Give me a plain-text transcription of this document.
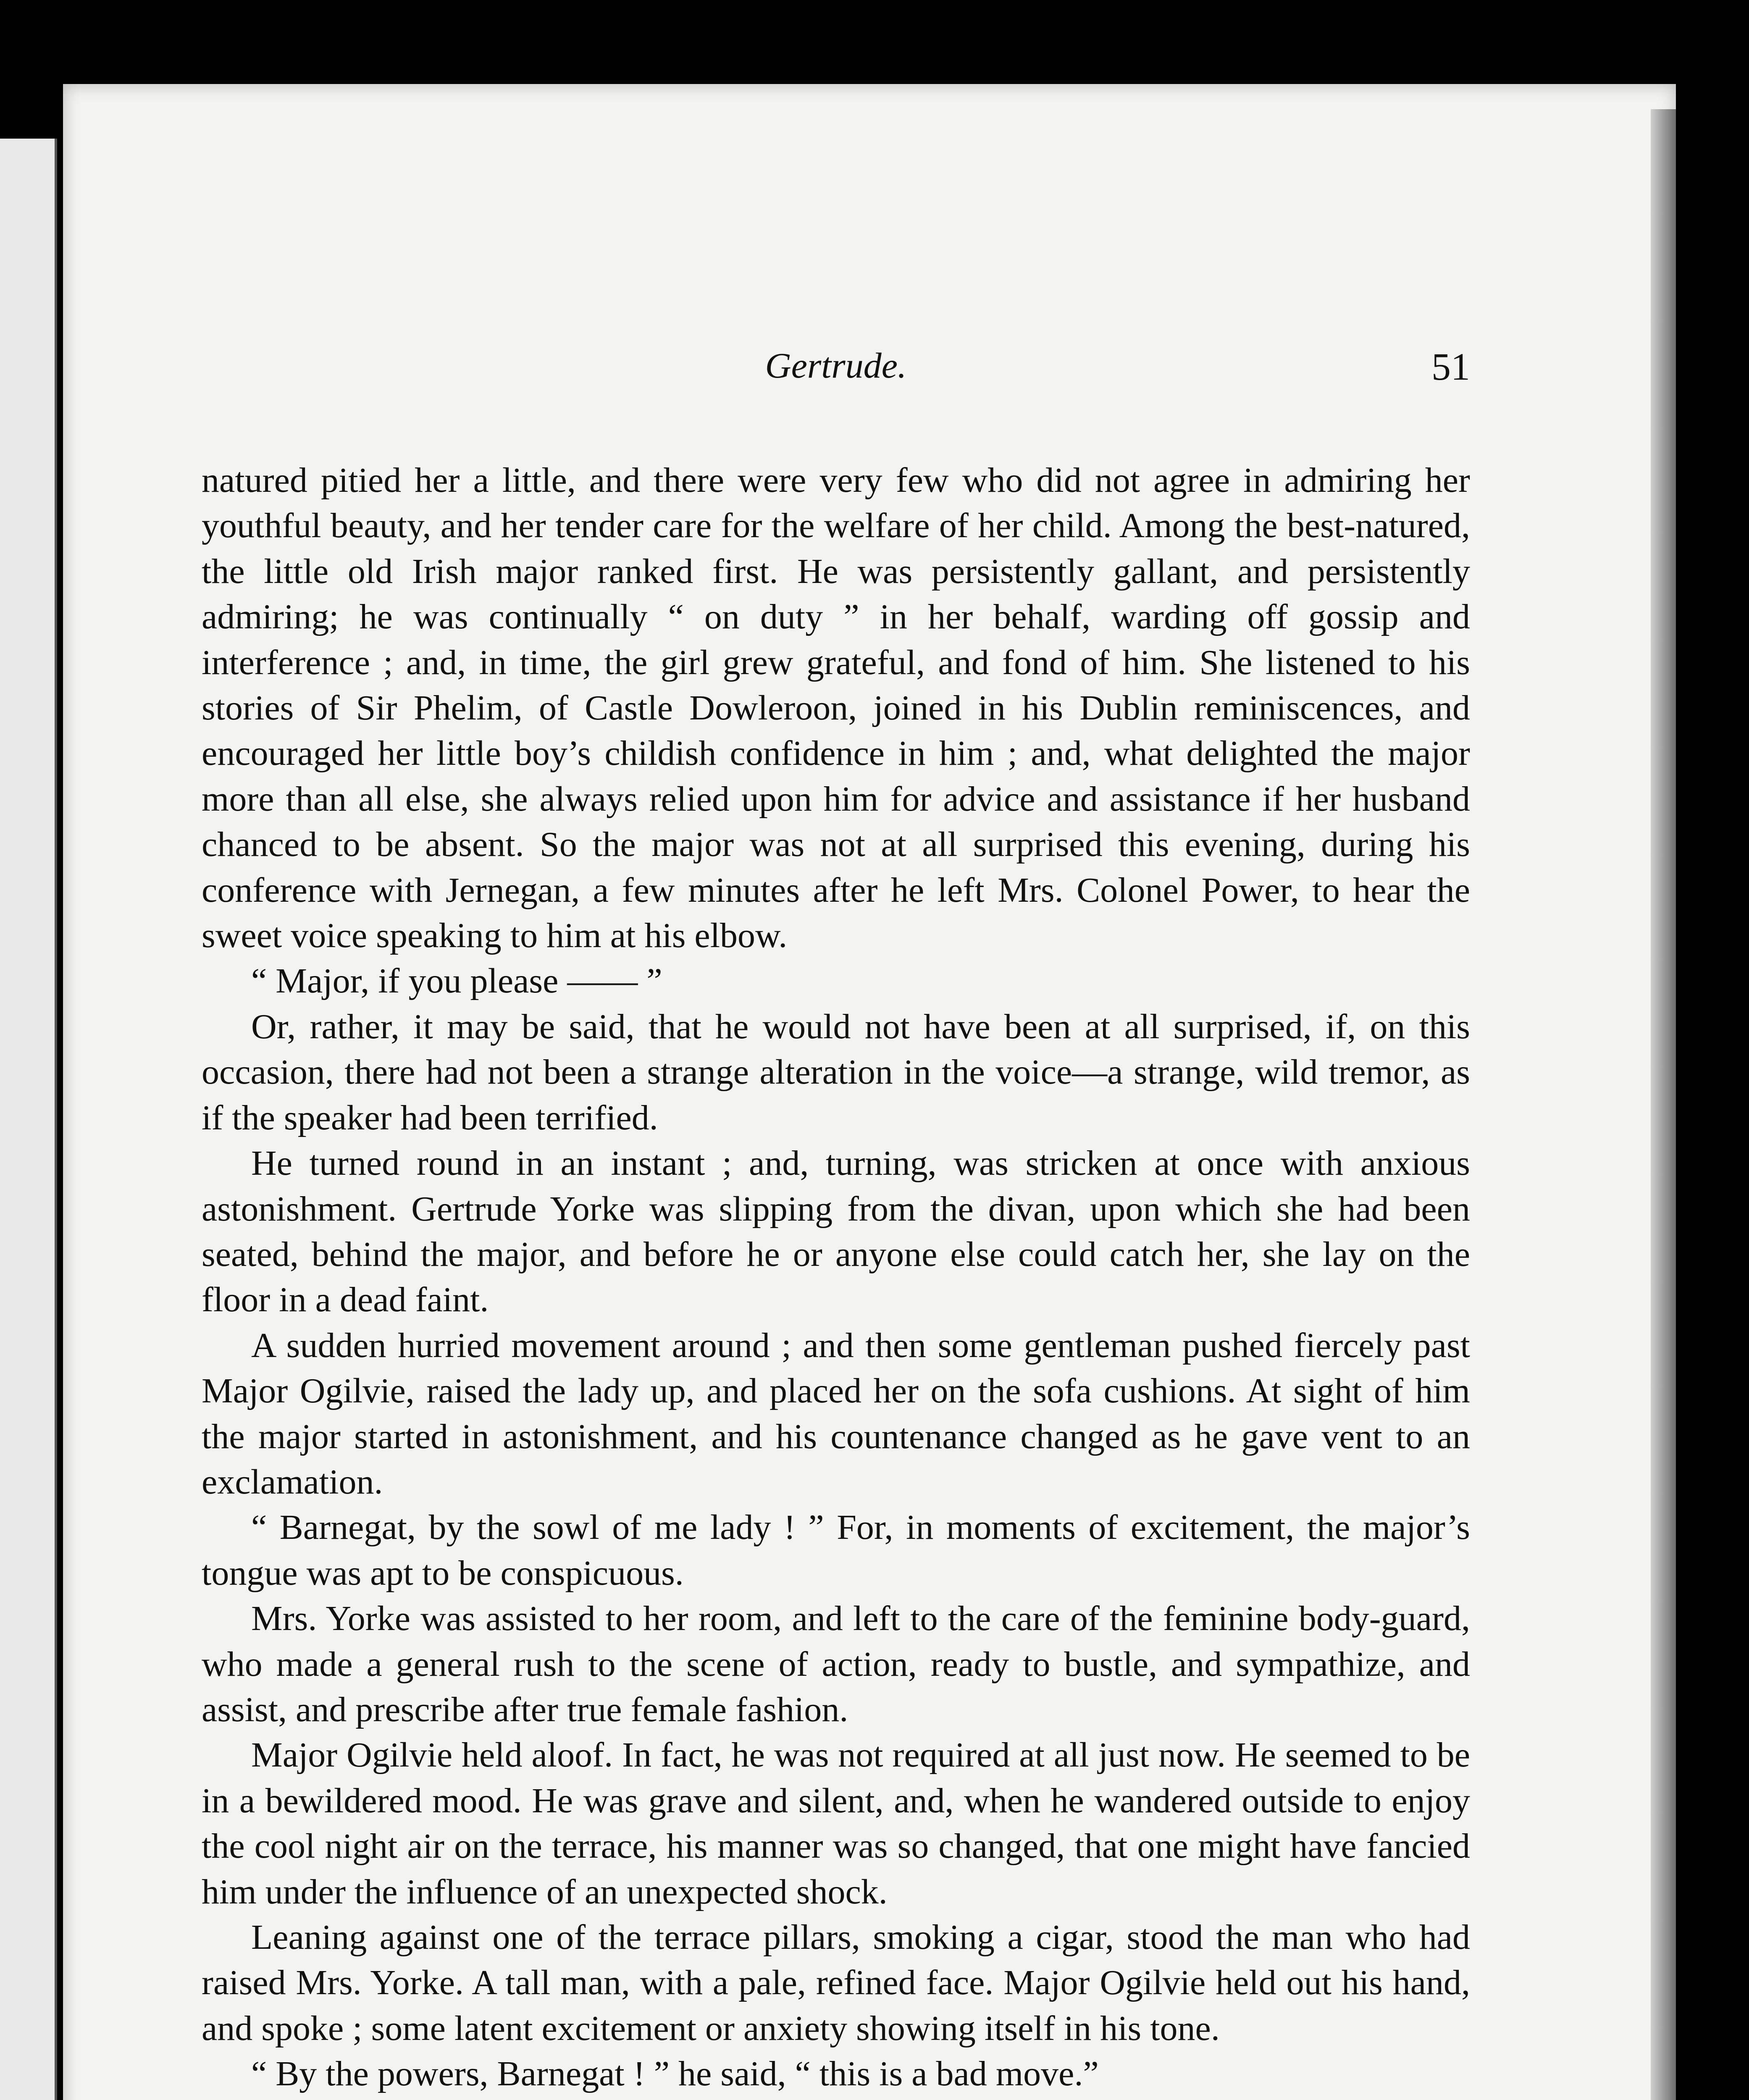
Gertrude.	51

natured pitied her a little, and there were very few who did not agree in admiring her youthful beauty, and her tender care for the welfare of her child. Among the best-natured, the little old Irish major ranked first. He was persistently gallant, and persistently admiring; he was continually “ on duty ” in her behalf, warding off gossip and interference ; and, in time, the girl grew grateful, and fond of him. She listened to his stories of Sir Phelim, of Castle Dowleroon, joined in his Dublin reminiscences, and encouraged her little boy’s childish confidence in him ; and, what delighted the major more than all else, she always relied upon him for advice and assistance if her husband chanced to be absent. So the major was not at all surprised this evening, during his conference with Jernegan, a few minutes after he left Mrs. Colonel Power, to hear the sweet voice speaking to him at his elbow.

“ Major, if you please —— ”

Or, rather, it may be said, that he would not have been at all surprised, if, on this occasion, there had not been a strange alteration in the voice—a strange, wild tremor, as if the speaker had been terrified.

He turned round in an instant ; and, turning, was stricken at once with anxious astonishment. Gertrude Yorke was slipping from the divan, upon which she had been seated, behind the major, and before he or anyone else could catch her, she lay on the floor in a dead faint.

A sudden hurried movement around ; and then some gentleman pushed fiercely past Major Ogilvie, raised the lady up, and placed her on the sofa cushions. At sight of him the major started in astonishment, and his countenance changed as he gave vent to an exclamation.

“ Barnegat, by the sowl of me lady ! ” For, in moments of excitement, the major’s tongue was apt to be conspicuous.

Mrs. Yorke was assisted to her room, and left to the care of the feminine body-guard, who made a general rush to the scene of action, ready to bustle, and sympathize, and assist, and prescribe after true female fashion.

Major Ogilvie held aloof. In fact, he was not required at all just now. He seemed to be in a bewildered mood. He was grave and silent, and, when he wandered outside to enjoy the cool night air on the terrace, his manner was so changed, that one might have fancied him under the influence of an unexpected shock.

Leaning against one of the terrace pillars, smoking a cigar, stood the man who had raised Mrs. Yorke. A tall man, with a pale, refined face. Major Ogilvie held out his hand, and spoke ; some latent excitement or anxiety showing itself in his tone.

“ By the powers, Barnegat ! ” he said, “ this is a bad move.”
